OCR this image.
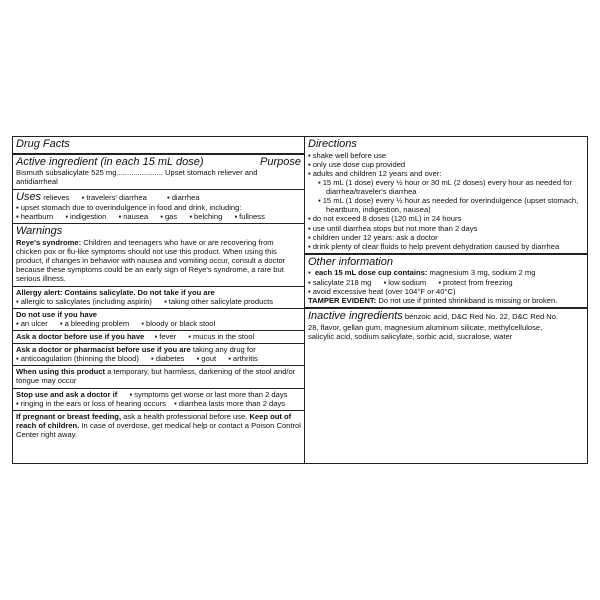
Drug Facts
Active ingredient (in each 15 mL dose)	Purpose
Bismuth subsalicylate 525 mg...................... Upset stomach reliever and antidiarrheal
Uses relieves ▪ travelers' diarrhea	▪ diarrhea
▪ upset stomach due to overindulgence in food and drink, including:
▪ heartburn ▪ indigestion ▪ nausea ▪ gas ▪ belching ▪ fullness
Warnings

Reye's syndrome: Children and teenagers who have or are recovering from chicken pox or flu-like symptoms should not use this product. When using this product, if changes in behavior with nausea and vomiting occur, consult a doctor because these symptoms could be an early sign of Reye's syndrome, a rare but serious illness.

Allergy alert: Contains salicylate. Do not take if you are
▪ allergic to salicylates (including aspirin) ▪ taking other salicylate products
Do not use if you have
▪ an ulcer ▪ a bleeding problem ▪ bloody or black stool
Ask a doctor before use if you have ▪ fever ▪ mucus in the stool
Ask a doctor or pharmacist before use if you are taking any drug for
▪ anticoagulation (thinning the blood) ▪ diabetes ▪ gout ▪ arthritis

When using this product a temporary, but harmless, darkening of the stool and/or tongue may occur

Stop use and ask a doctor if ▪ symptoms get worse or last more than 2 days
▪ ringing in the ears or loss of hearing occurs ▪ diarrhea lasts more than 2 days

If pregnant or breast feeding, ask a health professional before use. Keep out of reach of children. In case of overdose, get medical help or contact a Poison Control Center right away.

Directions
▪ shake well before use
▪ only use dose cup provided
▪ adults and children 12 years and over:
▪ 15 mL (1 dose) every ½ hour or 30 mL (2 doses) every hour as needed for diarrhea/traveler's diarrhea
▪ 15 mL (1 dose) every ½ hour as needed for overindulgence (upset stomach, heartburn, indigestion, nausea)
▪ do not exceed 8 doses (120 mL) in 24 hours
▪ use until diarrhea stops but not more than 2 days
▪ children under 12 years: ask a doctor
▪ drink plenty of clear fluids to help prevent dehydration caused by diarrhea
Other information
▪ each 15 mL dose cup contains: magnesium 3 mg, sodium 2 mg
▪ salicylate 218 mg ▪ low sodium ▪ protect from freezing
▪ avoid excessive heat (over 104°F or 40°C)
TAMPER EVIDENT: Do not use if printed shrinkband is missing or broken.

Inactive ingredients benzoic acid, D&C Red No. 22, D&C Red No. 28, flavor, gellan gum, magnesium aluminum silicate, methylcellulose, salicylic acid, sodium salicylate, sorbic acid, sucralose, water
